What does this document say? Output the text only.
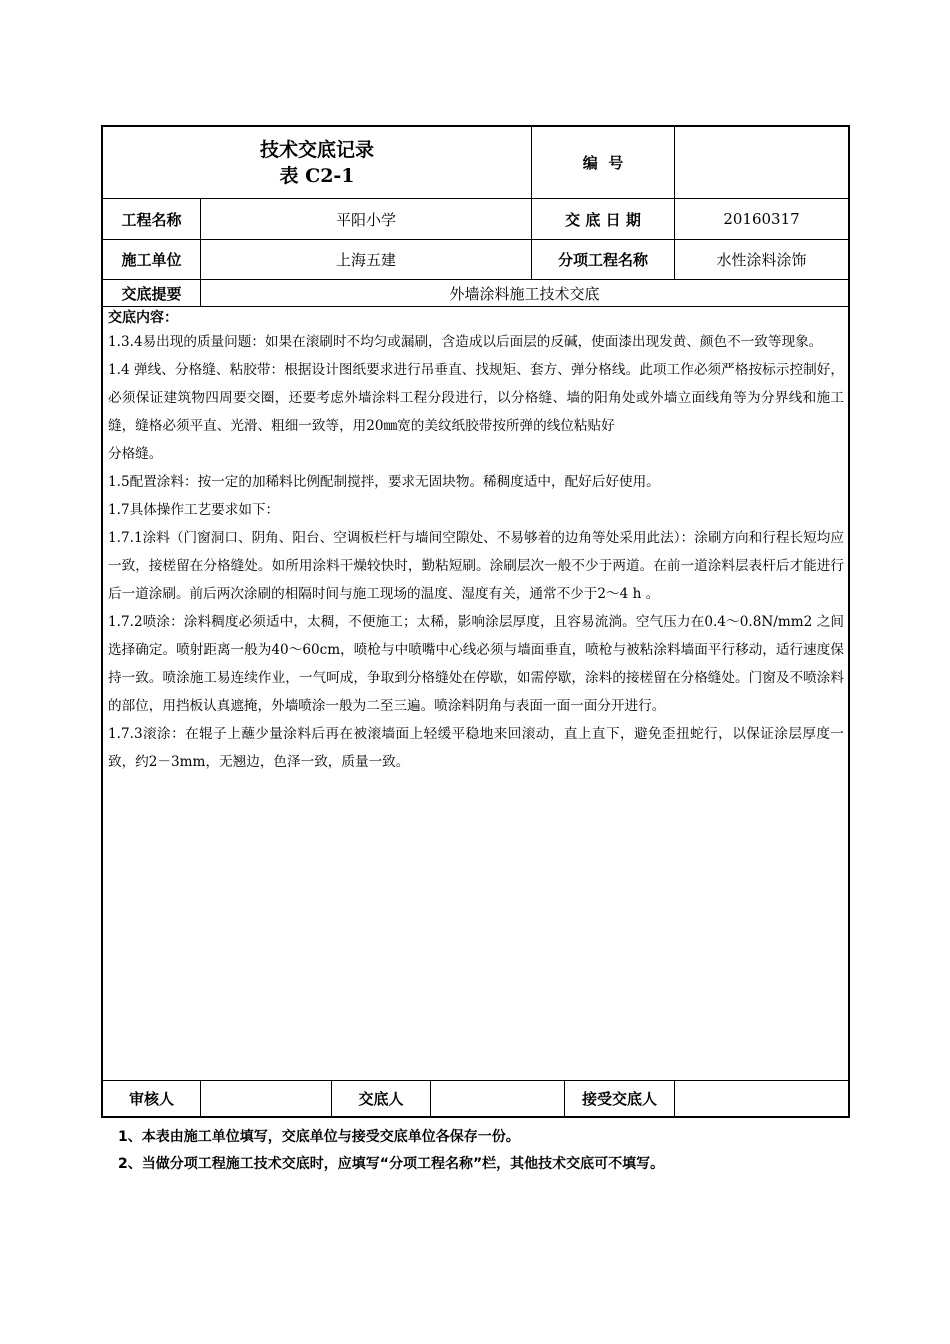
技术交底记录
表 C2-1
编  号
工程名称	平阳小学	交 底 日 期	20160317
施工单位	上海五建	分项工程名称	水性涂料涂饰
交底提要	外墙涂料施工技术交底
交底内容：

1.3.4易出现的质量问题：如果在滚刷时不均匀或漏刷，含造成以后面层的反碱，使面漆出现发黄、颜色不一致等现象。

1.4 弹线、分格缝、粘胶带：根据设计图纸要求进行吊垂直、找规矩、套方、弹分格线。此项工作必须严格按标示控制好，必须保证建筑物四周要交圈，还要考虑外墙涂料工程分段进行，以分格缝、墙的阳角处或外墙立面线角等为分界线和施工缝，缝格必须平直、光滑、粗细一致等，用20㎜宽的美纹纸胶带按所弹的线位粘贴好

分格缝。

1.5配置涂料：按一定的加稀料比例配制搅拌，要求无固块物。稀稠度适中，配好后好使用。

1.7具体操作工艺要求如下：

1.7.1涂料（门窗洞口、阴角、阳台、空调板栏杆与墙间空隙处、不易够着的边角等处采用此法）：涂刷方向和行程长短均应一致，接槎留在分格缝处。如所用涂料干燥较快时，勤粘短刷。涂刷层次一般不少于两道。在前一道涂料层表杆后才能进行后一道涂刷。前后两次涂刷的相隔时间与施工现场的温度、湿度有关，通常不少于2～4 h 。

1.7.2喷涂：涂料稠度必须适中，太稠，不便施工；太稀，影响涂层厚度，且容易流淌。空气压力在0.4～0.8N/mm2 之间选择确定。喷射距离一般为40～60cm，喷枪与中喷嘴中心线必须与墙面垂直，喷枪与被粘涂料墙面平行移动，适行速度保持一致。喷涂施工易连续作业，一气呵成，争取到分格缝处在停歇，如需停歇，涂料的接槎留在分格缝处。门窗及不喷涂料的部位，用挡板认真遮掩，外墙喷涂一般为二至三遍。喷涂料阴角与表面一面一面分开进行。

1.7.3滚涂：在辊子上蘸少量涂料后再在被滚墙面上轻缓平稳地来回滚动，直上直下，避免歪扭蛇行，以保证涂层厚度一致，约2－3mm，无翘边，色泽一致，质量一致。

审核人	交底人	接受交底人
1、本表由施工单位填写，交底单位与接受交底单位各保存一份。
2、当做分项工程施工技术交底时，应填写“分项工程名称”栏，其他技术交底可不填写。
